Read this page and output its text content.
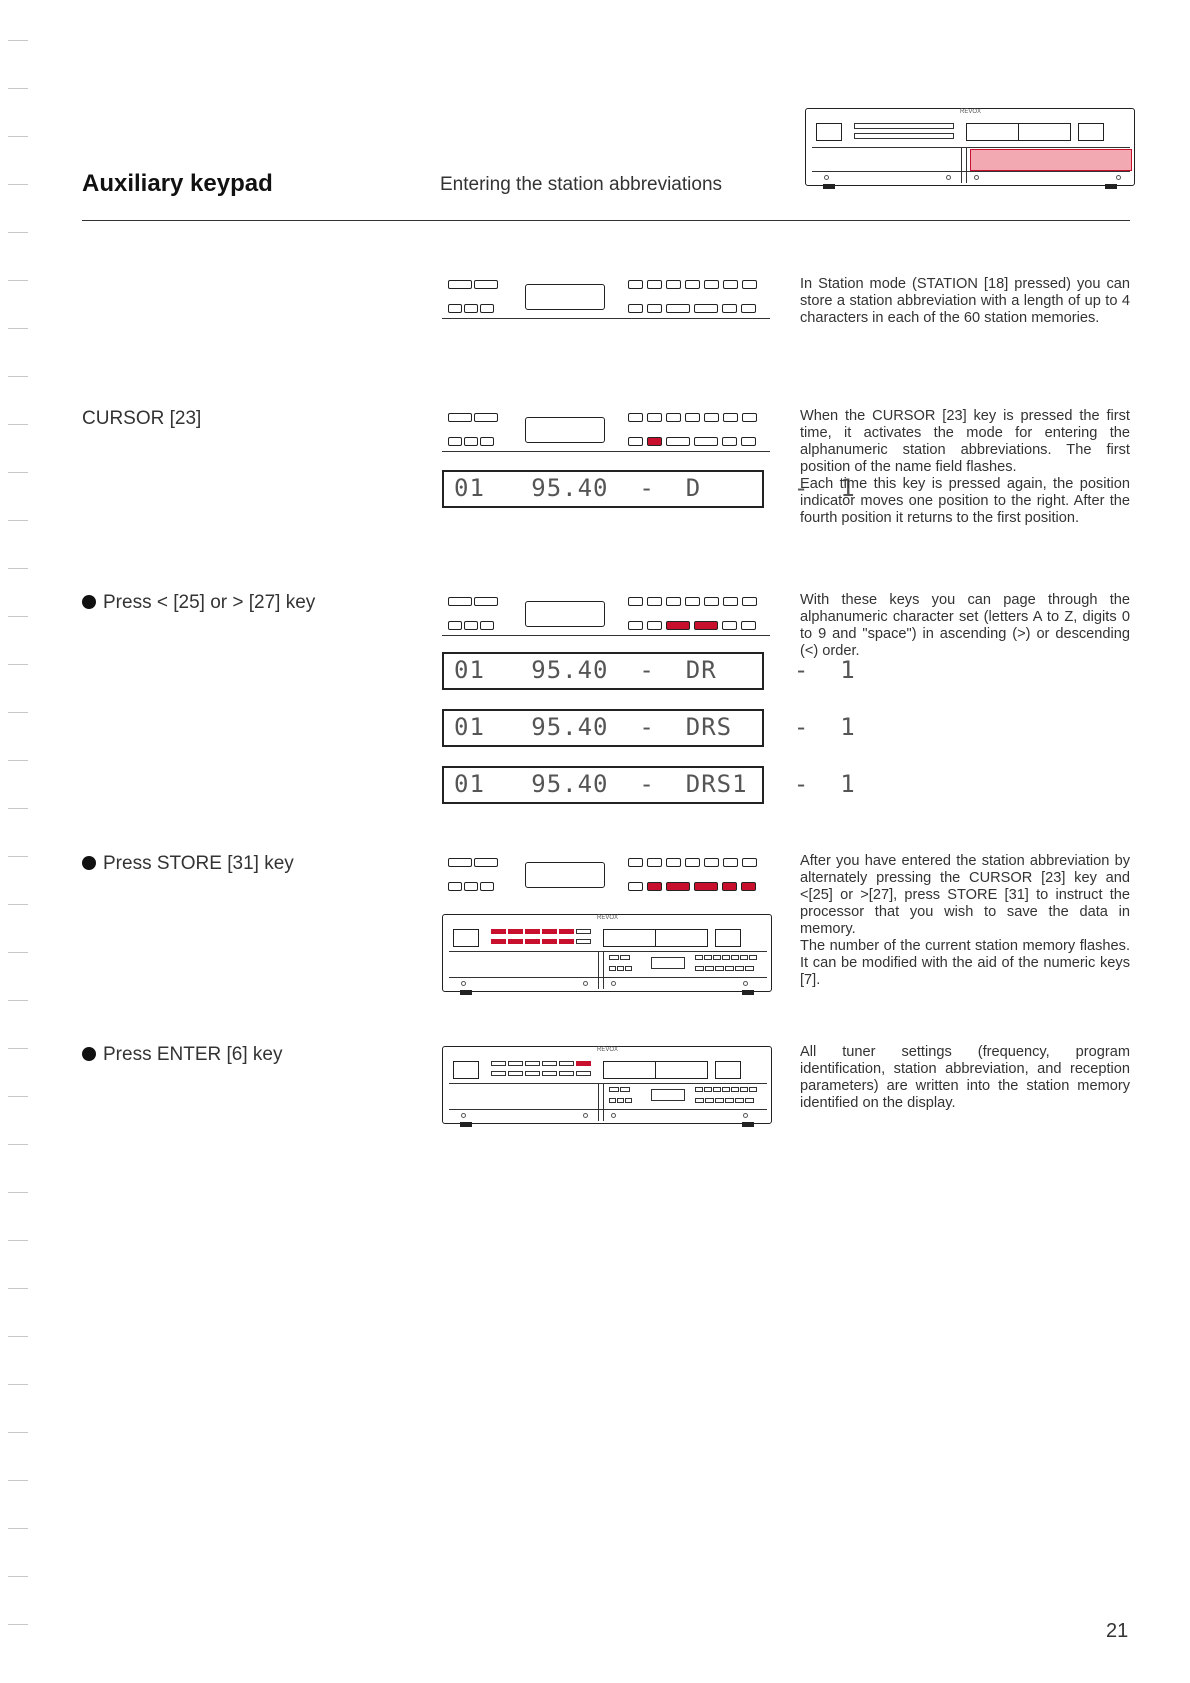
Auxiliary keypad	Entering the station abbreviations
REVOX

In Station mode (STATION [18] pressed) you can store a station abbreviation with a length of up to 4 characters in each of the 60 station memories.

CURSOR [23]
01   95.40  -  D      -  1

When the CURSOR [23] key is pressed the first time, it activates the mode for entering the alphanumeric station abbreviations. The first position of the name field flashes.

Each time this key is pressed again, the position indicator moves one position to the right. After the fourth position it returns to the first position.

Press < [25] or > [27] key
01   95.40  -  DR     -  1
01   95.40  -  DRS    -  1
01   95.40  -  DRS1   -  1

With these keys you can page through the alphanumeric character set (letters A to Z, digits 0 to 9 and "space") in ascending (>) or descending (<) order.

Press STORE [31] key
REVOX

After you have entered the station abbreviation by alternately pressing the CURSOR [23] key and <[25] or >[27], press STORE [31] to instruct the processor that you wish to save the data in memory.

The number of the current station memory flashes. It can be modified with the aid of the numeric keys [7].

Press ENTER [6] key	REVOX	All tuner settings (frequency, program identification, station abbreviation, and reception parameters) are written into the station memory identified on the display.

21
